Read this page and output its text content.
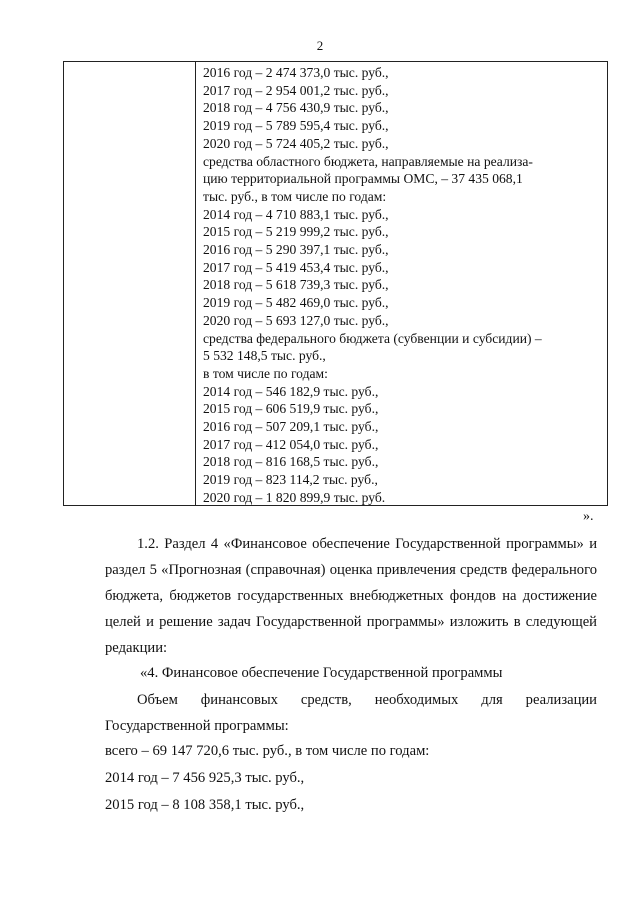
2
2016 год – 2 474 373,0 тыс. руб.,
2017 год – 2 954 001,2 тыс. руб.,
2018 год – 4 756 430,9 тыс. руб.,
2019 год – 5 789 595,4 тыс. руб.,
2020 год – 5 724 405,2 тыс. руб.,
средства областного бюджета, направляемые на реализа-
цию территориальной программы ОМС, – 37 435 068,1
тыс. руб., в том числе по годам:
2014 год – 4 710 883,1 тыс. руб.,
2015 год – 5 219 999,2 тыс. руб.,
2016 год – 5 290 397,1 тыс. руб.,
2017 год – 5 419 453,4 тыс. руб.,
2018 год – 5 618 739,3 тыс. руб.,
2019 год – 5 482 469,0 тыс. руб.,
2020 год – 5 693 127,0 тыс. руб.,
средства федерального бюджета (субвенции и субсидии) –
5 532 148,5 тыс. руб.,
в том числе по годам:
2014 год – 546 182,9 тыс. руб.,
2015 год – 606 519,9 тыс. руб.,
2016 год – 507 209,1 тыс. руб.,
2017 год – 412 054,0 тыс. руб.,
2018 год – 816 168,5 тыс. руб.,
2019 год – 823 114,2 тыс. руб.,
2020 год – 1 820 899,9 тыс. руб.
».
1.2. Раздел 4 «Финансовое обеспечение Государственной программы» и раздел 5 «Прогнозная (справочная) оценка привлечения средств федерального бюджета, бюджетов государственных внебюджетных фондов на достижение целей и решение задач Государственной программы» изложить в следующей редакции:
«4. Финансовое обеспечение Государственной программы
Объем финансовых средств, необходимых для реализации Государственной программы:
всего – 69 147 720,6 тыс. руб., в том числе по годам:
2014 год – 7 456 925,3 тыс. руб.,
2015 год – 8 108 358,1 тыс. руб.,
